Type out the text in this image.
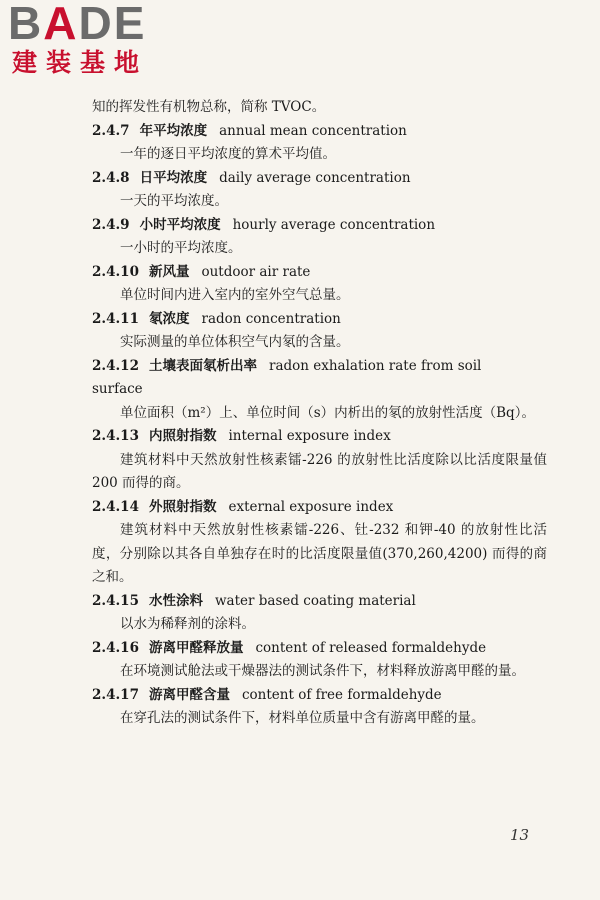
BADE

建装基地

知的挥发性有机物总称，简称 TVOC。

2.4.7 年平均浓度 annual mean concentration

一年的逐日平均浓度的算术平均值。

2.4.8 日平均浓度 daily average concentration

一天的平均浓度。

2.4.9 小时平均浓度 hourly average concentration

一小时的平均浓度。

2.4.10 新风量 outdoor air rate

单位时间内进入室内的室外空气总量。

2.4.11 氡浓度 radon concentration

实际测量的单位体积空气内氡的含量。

2.4.12 土壤表面氡析出率 radon exhalation rate from soil

surface

单位面积（m²）上、单位时间（s）内析出的氡的放射性活度（Bq）。

2.4.13 内照射指数 internal exposure index

建筑材料中天然放射性核素镭-226 的放射性比活度除以比活度限量值 200 而得的商。

2.4.14 外照射指数 external exposure index

建筑材料中天然放射性核素镭-226、钍-232 和钾-40 的放射性比活度，分别除以其各自单独存在时的比活度限量值(370,260,4200) 而得的商之和。

2.4.15 水性涂料 water based coating material

以水为稀释剂的涂料。

2.4.16 游离甲醛释放量 content of released formaldehyde

在环境测试舱法或干燥器法的测试条件下，材料释放游离甲醛的量。

2.4.17 游离甲醛含量 content of free formaldehyde

在穿孔法的测试条件下，材料单位质量中含有游离甲醛的量。

13
